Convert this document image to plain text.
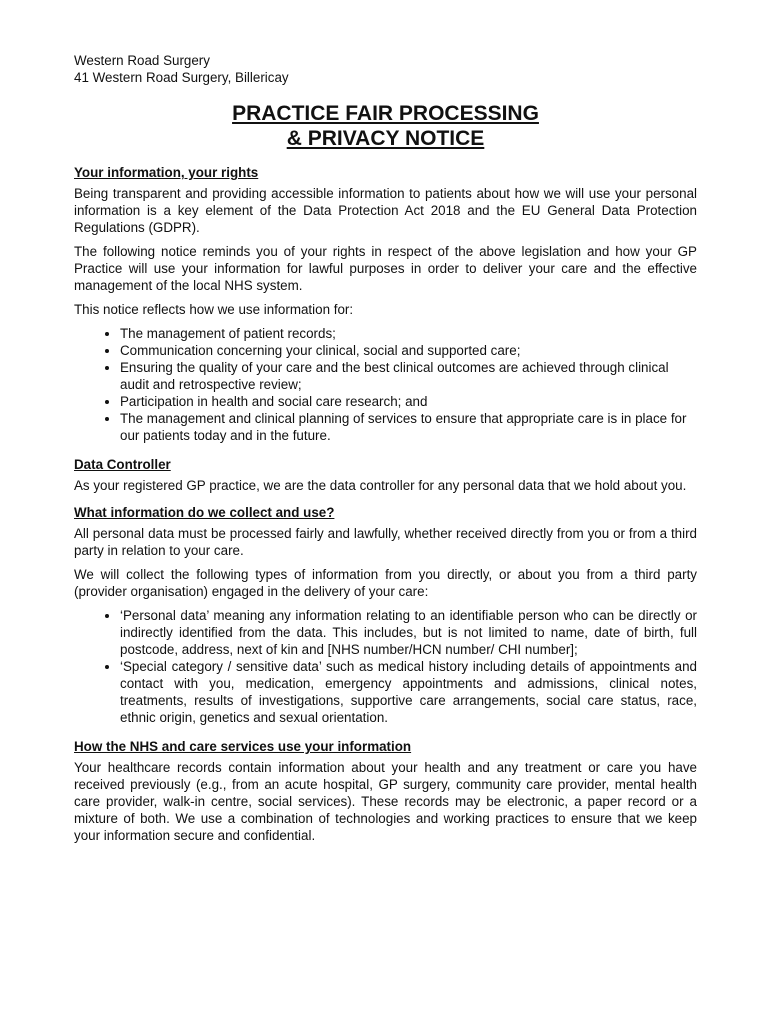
Western Road Surgery

41 Western Road Surgery, Billericay

PRACTICE FAIR PROCESSING
& PRIVACY NOTICE
Your information, your rights

Being transparent and providing accessible information to patients about how we will use your personal information is a key element of the Data Protection Act 2018 and the EU General Data Protection Regulations (GDPR).

The following notice reminds you of your rights in respect of the above legislation and how your GP Practice will use your information for lawful purposes in order to deliver your care and the effective management of the local NHS system.

This notice reflects how we use information for:

• The management of patient records;
• Communication concerning your clinical, social and supported care;
• Ensuring the quality of your care and the best clinical outcomes are achieved through clinical audit and retrospective review;
• Participation in health and social care research; and
• The management and clinical planning of services to ensure that appropriate care is in place for our patients today and in the future.
Data Controller

As your registered GP practice, we are the data controller for any personal data that we hold about you.

What information do we collect and use?

All personal data must be processed fairly and lawfully, whether received directly from you or from a third party in relation to your care.

We will collect the following types of information from you directly, or about you from a third party (provider organisation) engaged in the delivery of your care:

• ‘Personal data’ meaning any information relating to an identifiable person who can be directly or indirectly identified from the data. This includes, but is not limited to name, date of birth, full postcode, address, next of kin and [NHS number/HCN number/ CHI number];
• ‘Special category / sensitive data’ such as medical history including details of appointments and contact with you, medication, emergency appointments and admissions, clinical notes, treatments, results of investigations, supportive care arrangements, social care status, race, ethnic origin, genetics and sexual orientation.
How the NHS and care services use your information

Your healthcare records contain information about your health and any treatment or care you have received previously (e.g., from an acute hospital, GP surgery, community care provider, mental health care provider, walk-in centre, social services). These records may be electronic, a paper record or a mixture of both. We use a combination of technologies and working practices to ensure that we keep your information secure and confidential.
